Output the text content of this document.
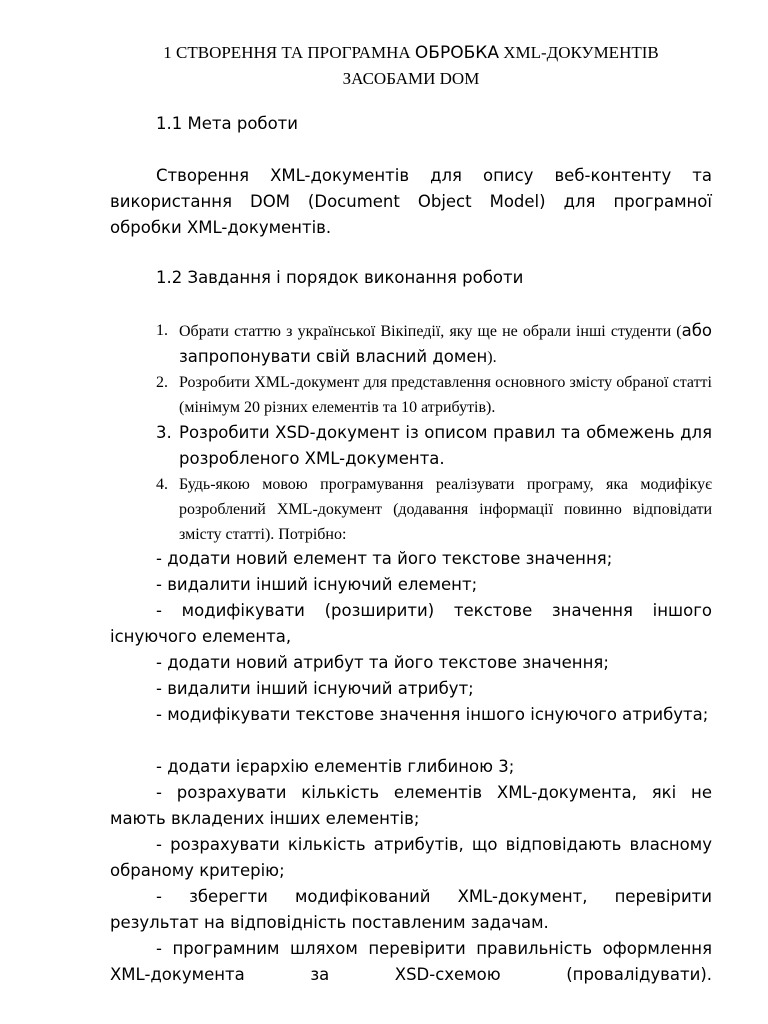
1 СТВОРЕННЯ ТА ПРОГРАМНА ОБРОБКА XML-ДОКУМЕНТІВ
ЗАСОБАМИ DOM
1.1 Мета роботи
Створення XML-документів для опису веб-контенту та використання DOM (Document Object Model) для програмної обробки XML-документів.
1.2 Завдання і порядок виконання роботи
1. Обрати статтю з української Вікіпедії, яку ще не обрали інші студенти (або запропонувати свій власний домен).
2. Розробити XML-документ для представлення основного змісту обраної статті (мінімум 20 різних елементів та 10 атрибутів).
3. Розробити XSD-документ із описом правил та обмежень для розробленого XML-документа.
4. Будь-якою мовою програмування реалізувати програму, яка модифікує розроблений XML-документ (додавання інформації повинно відповідати змісту статті). Потрібно:
- додати новий елемент та його текстове значення;
- видалити інший існуючий елемент;
- модифікувати (розширити) текстове значення іншого існуючого елемента,
- додати новий атрибут та його текстове значення;
- видалити інший існуючий атрибут;
- модифікувати текстове значення іншого існуючого атрибута;
- додати ієрархію елементів глибиною 3;
- розрахувати кількість елементів XML-документа, які не мають вкладених інших елементів;
- розрахувати кількість атрибутів, що відповідають власному обраному критерію;
- зберегти модифікований XML-документ, перевірити результат на відповідність поставленим задачам.
- програмним шляхом перевірити правильність оформлення XML-документа за XSD-схемою (провалідувати).
